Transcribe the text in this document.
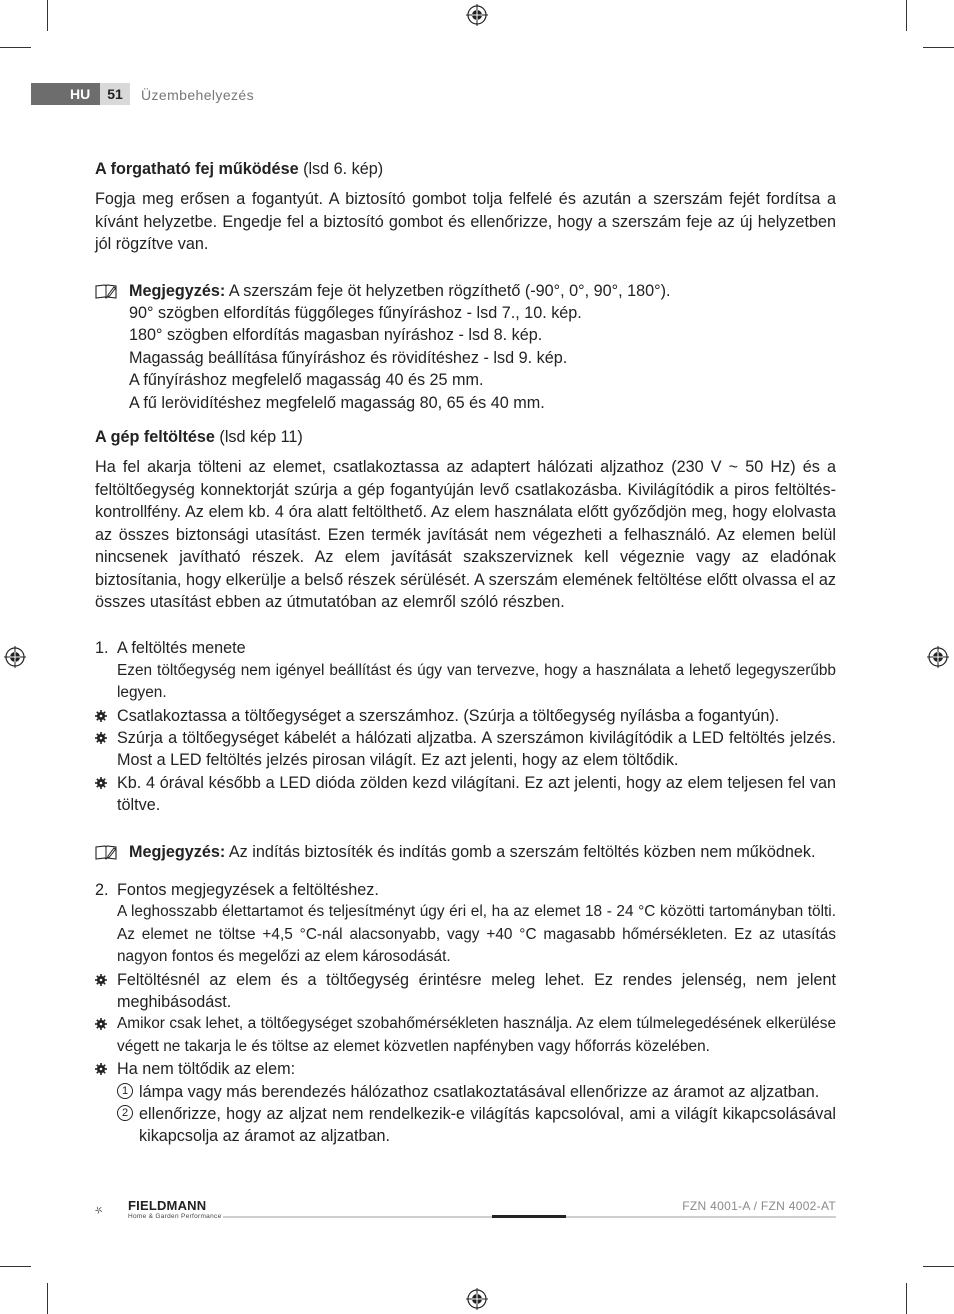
HU	51	Üzembehelyezés

A forgatható fej működése (lsd 6. kép)

Fogja meg erősen a fogantyút. A biztosító gombot tolja felfelé és azután a szerszám fejét fordítsa a kívánt helyzetbe. Engedje fel a biztosító gombot és ellenőrizze, hogy a szerszám feje az új helyzetben jól rögzítve van.

Megjegyzés: A szerszám feje öt helyzetben rögzíthető (-90°, 0°, 90°, 180°).
90° szögben elfordítás függőleges fűnyíráshoz - lsd 7., 10. kép.
180° szögben elfordítás magasban nyíráshoz - lsd 8. kép.
Magasság beállítása fűnyíráshoz és rövidítéshez - lsd 9. kép.
A fűnyíráshoz megfelelő magasság 40 és 25 mm.
A fű lerövidítéshez megfelelő magasság 80, 65 és 40 mm.

A gép feltöltése (lsd kép 11)

Ha fel akarja tölteni az elemet, csatlakoztassa az adaptert hálózati aljzathoz (230 V ~ 50 Hz) és a feltöltőegység konnektorját szúrja a gép fogantyúján levő csatlakozásba. Kivilágítódik a piros feltöltés-kontrollfény. Az elem kb. 4 óra alatt feltölthető. Az elem használata előtt győződjön meg, hogy elolvasta az összes biztonsági utasítást. Ezen termék javítását nem végezheti a felhasználó. Az elemen belül nincsenek javítható részek. Az elem javítását szakszerviznek kell végeznie vagy az eladónak biztosítania, hogy elkerülje a belső részek sérülését. A szerszám elemének feltöltése előtt olvassa el az összes utasítást ebben az útmutatóban az elemről szóló részben.

1. A feltöltés menete
Ezen töltőegység nem igényel beállítást és úgy van tervezve, hogy a használata a lehető legegyszerűbb legyen.
Csatlakoztassa a töltőegységet a szerszámhoz. (Szúrja a töltőegység nyílásba a fogantyún).
Szúrja a töltőegységet kábelét a hálózati aljzatba. A szerszámon kivilágítódik a LED feltöltés jelzés. Most a LED feltöltés jelzés pirosan világít. Ez azt jelenti, hogy az elem töltődik.
Kb. 4 órával később a LED dióda zölden kezd világítani. Ez azt jelenti, hogy az elem teljesen fel van töltve.
Megjegyzés: Az indítás biztosíték és indítás gomb a szerszám feltöltés közben nem működnek.
2. Fontos megjegyzések a feltöltéshez.
A leghosszabb élettartamot és teljesítményt úgy éri el, ha az elemet 18 - 24 °C közötti tartományban tölti. Az elemet ne töltse +4,5 °C-nál alacsonyabb, vagy +40 °C magasabb hőmérsékleten. Ez az utasítás nagyon fontos és megelőzi az elem károsodását.
Feltöltésnél az elem és a töltőegység érintésre meleg lehet. Ez rendes jelenség, nem jelent meghibásodást.
Amikor csak lehet, a töltőegységet szobahőmérsékleten használja. Az elem túlmelegedésének elkerülése végett ne takarja le és töltse az elemet közvetlen napfényben vagy hőforrás közelében.
Ha nem töltődik az elem:
1 lámpa vagy más berendezés hálózathoz csatlakoztatásával ellenőrizze az áramot az aljzatban.
2 ellenőrizze, hogy az aljzat nem rendelkezik-e világítás kapcsolóval, ami a világít kikapcsolásával kikapcsolja az áramot az aljzatban.
FIELDMANN
Home & Garden Performance
FZN 4001-A / FZN 4002-AT
